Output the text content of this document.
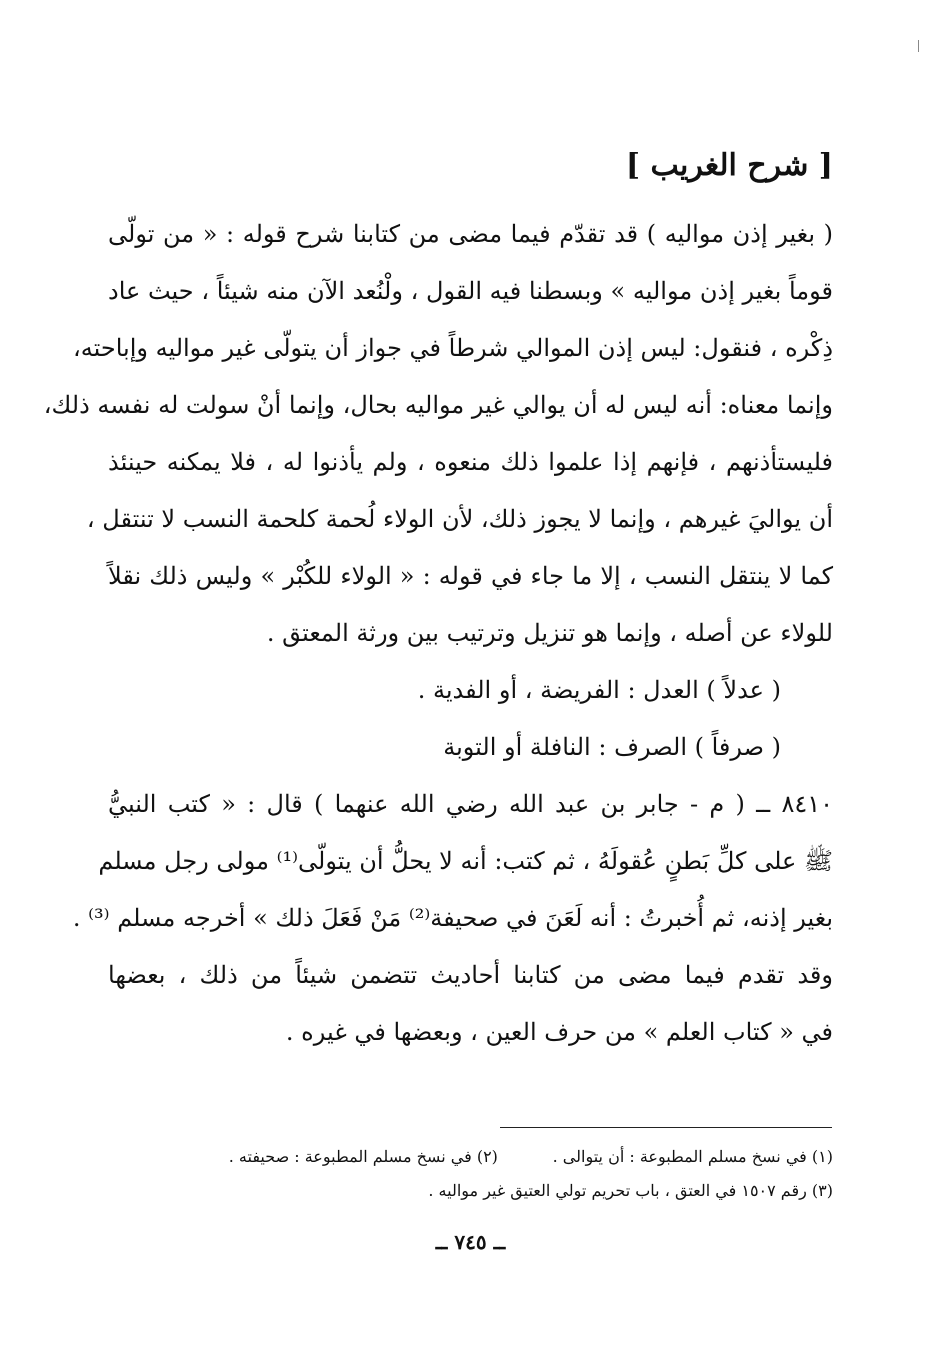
[ شرح الغريب ]
( بغير إذن مواليه ) قد تقدّم فيما مضى من كتابنا شرح قوله : « من تولّى
قوماً بغير إذن مواليه » وبسطنا فيه القول ، ولْنُعد الآن منه شيئاً ، حيث عاد
ذِكْره ، فنقول: ليس إذن الموالي شرطاً في جواز أن يتولّى غير مواليه وإباحته،
وإنما معناه: أنه ليس له أن يوالي غير مواليه بحال، وإنما أنْ سولت له نفسه ذلك،
فليستأذنهم ، فإنهم إذا علموا ذلك منعوه ، ولم يأذنوا له ، فلا يمكنه حينئذ
أن يواليَ غيرهم ، وإنما لا يجوز ذلك، لأن الولاء لُحمة كلحمة النسب لا تنتقل ،
كما لا ينتقل النسب ، إلا ما جاء في قوله : « الولاء للكُبْر » وليس ذلك نقلاً
للولاء عن أصله ، وإنما هو تنزيل وترتيب بين ورثة المعتق .
( عدلاً ) العدل : الفريضة ، أو الفدية .
( صرفاً ) الصرف : النافلة أو التوبة
٨٤١٠ ــ ( م - جابر بن عبد الله رضي الله عنهما ) قال : « كتب النبيُّ
ﷺ على كلِّ بَطنٍ عُقولَهُ ، ثم كتب: أنه لا يحلُّ أن يتولّى⁽¹⁾ مولى رجل مسلم
بغير إذنه، ثم أُخبرتُ : أنه لَعَنَ في صحيفة⁽²⁾ مَنْ فَعَلَ ذلك » أخرجه مسلم ⁽³⁾ .
وقد تقدم فيما مضى من كتابنا أحاديث تتضمن شيئاً من ذلك ، بعضها
في « كتاب العلم » من حرف العين ، وبعضها في غيره .
(١) في نسخ مسلم المطبوعة : أن يتوالى . (٢) في نسخ مسلم المطبوعة : صحيفته .
(٣) رقم ١٥٠٧ في العتق ، باب تحريم تولي العتيق غير مواليه .
ــ ٧٤٥ ــ
